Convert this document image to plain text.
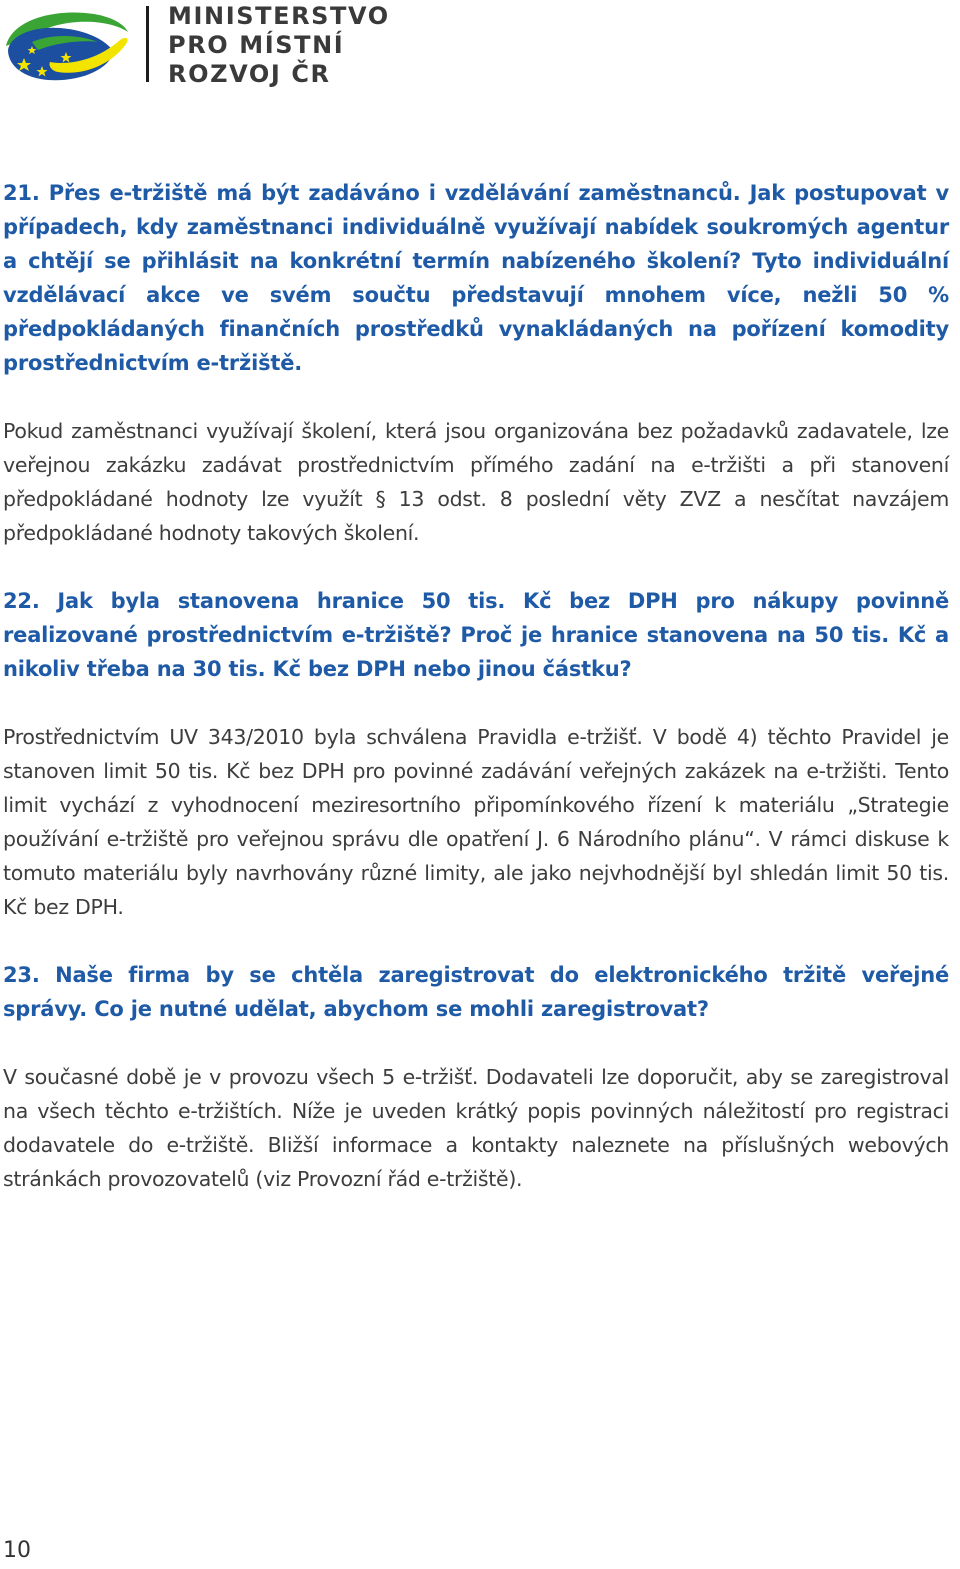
MINISTERSTVO
PRO MÍSTNÍ
ROZVOJ ČR

21. Přes e-tržiště má být zadáváno i vzdělávání zaměstnanců. Jak postupovat v případech, kdy zaměstnanci individuálně využívají nabídek soukromých agentur a chtějí se přihlásit na konkrétní termín nabízeného školení? Tyto individuální vzdělávací akce ve svém součtu představují mnohem více, nežli 50 % předpokládaných finančních prostředků vynakládaných na pořízení komodity prostřednictvím e-tržiště.

Pokud zaměstnanci využívají školení, která jsou organizována bez požadavků zadavatele, lze veřejnou zakázku zadávat prostřednictvím přímého zadání na e-tržišti a při stanovení předpokládané hodnoty lze využít § 13 odst. 8 poslední věty ZVZ a nesčítat navzájem předpokládané hodnoty takových školení.

22. Jak byla stanovena hranice 50 tis. Kč bez DPH pro nákupy povinně realizované prostřednictvím e-tržiště? Proč je hranice stanovena na 50 tis. Kč a nikoliv třeba na 30 tis. Kč bez DPH nebo jinou částku?

Prostřednictvím UV 343/2010 byla schválena Pravidla e-tržišť. V bodě 4) těchto Pravidel je stanoven limit 50 tis. Kč bez DPH pro povinné zadávání veřejných zakázek na e-tržišti. Tento limit vychází z vyhodnocení meziresortního připomínkového řízení k materiálu „Strategie používání e-tržiště pro veřejnou správu dle opatření J. 6 Národního plánu“. V rámci diskuse k tomuto materiálu byly navrhovány různé limity, ale jako nejvhodnější byl shledán limit 50 tis. Kč bez DPH.

23. Naše firma by se chtěla zaregistrovat do elektronického tržitě veřejné správy. Co je nutné udělat, abychom se mohli zaregistrovat?

V současné době je v provozu všech 5 e-tržišť. Dodavateli lze doporučit, aby se zaregistroval na všech těchto e-tržištích. Níže je uveden krátký popis povinných náležitostí pro registraci dodavatele do e-tržiště. Bližší informace a kontakty naleznete na příslušných webových stránkách provozovatelů (viz Provozní řád e-tržiště).

10
